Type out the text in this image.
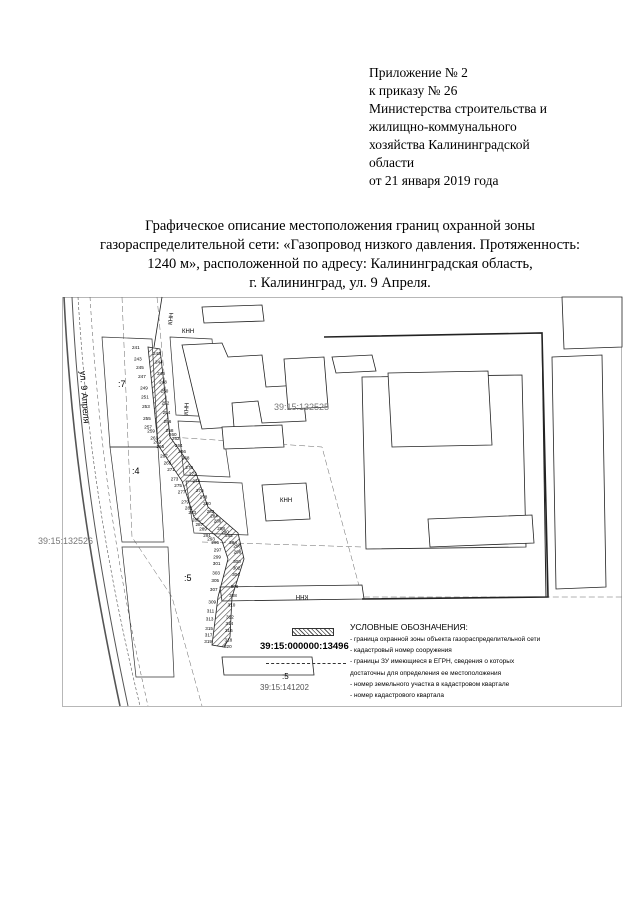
Приложение № 2
к приказу № 26
Министерства строительства и
жилищно-коммунального
хозяйства Калининградской
области
от 21 января 2019 года
Графическое описание местоположения границ охранной зоны
газораспределительной сети: «Газопровод низкого давления. Протяженность:
1240 м», расположенной по адресу: Калининградская область,
г. Калининград, ул. 9 Апреля.
ул. 9 Апреля	КНН
КНН
КНН
КНН
КНН
39:15:132525
39:15:132526
:7
:4
:5
241
242
243
244
245
246
247
248
249
250
251
252
253
254
255
256
257
258
259
260
261	262
263
264
265
266
267	268
269
270
271
272
273	274
275
276
277
278
279	280
281
282
283
284
285	286
287
288
289
290
291	292
293
294
295
296
297	298
299
300
301
302
303	304
305
306
307
308
309
310
311
312
313
314
315	316
317
318
319
320	39:15:000000:13496
:5
39:15:141202
УСЛОВНЫЕ ОБОЗНАЧЕНИЯ:
- граница охранной зоны объекта газораспределительной сети
- кадастровый номер сооружения
- границы ЗУ имеющиеся в ЕГРН, сведения о которых
достаточны для определения ее местоположения
- номер земельного участка в кадастровом квартале
- номер кадастрового квартала
